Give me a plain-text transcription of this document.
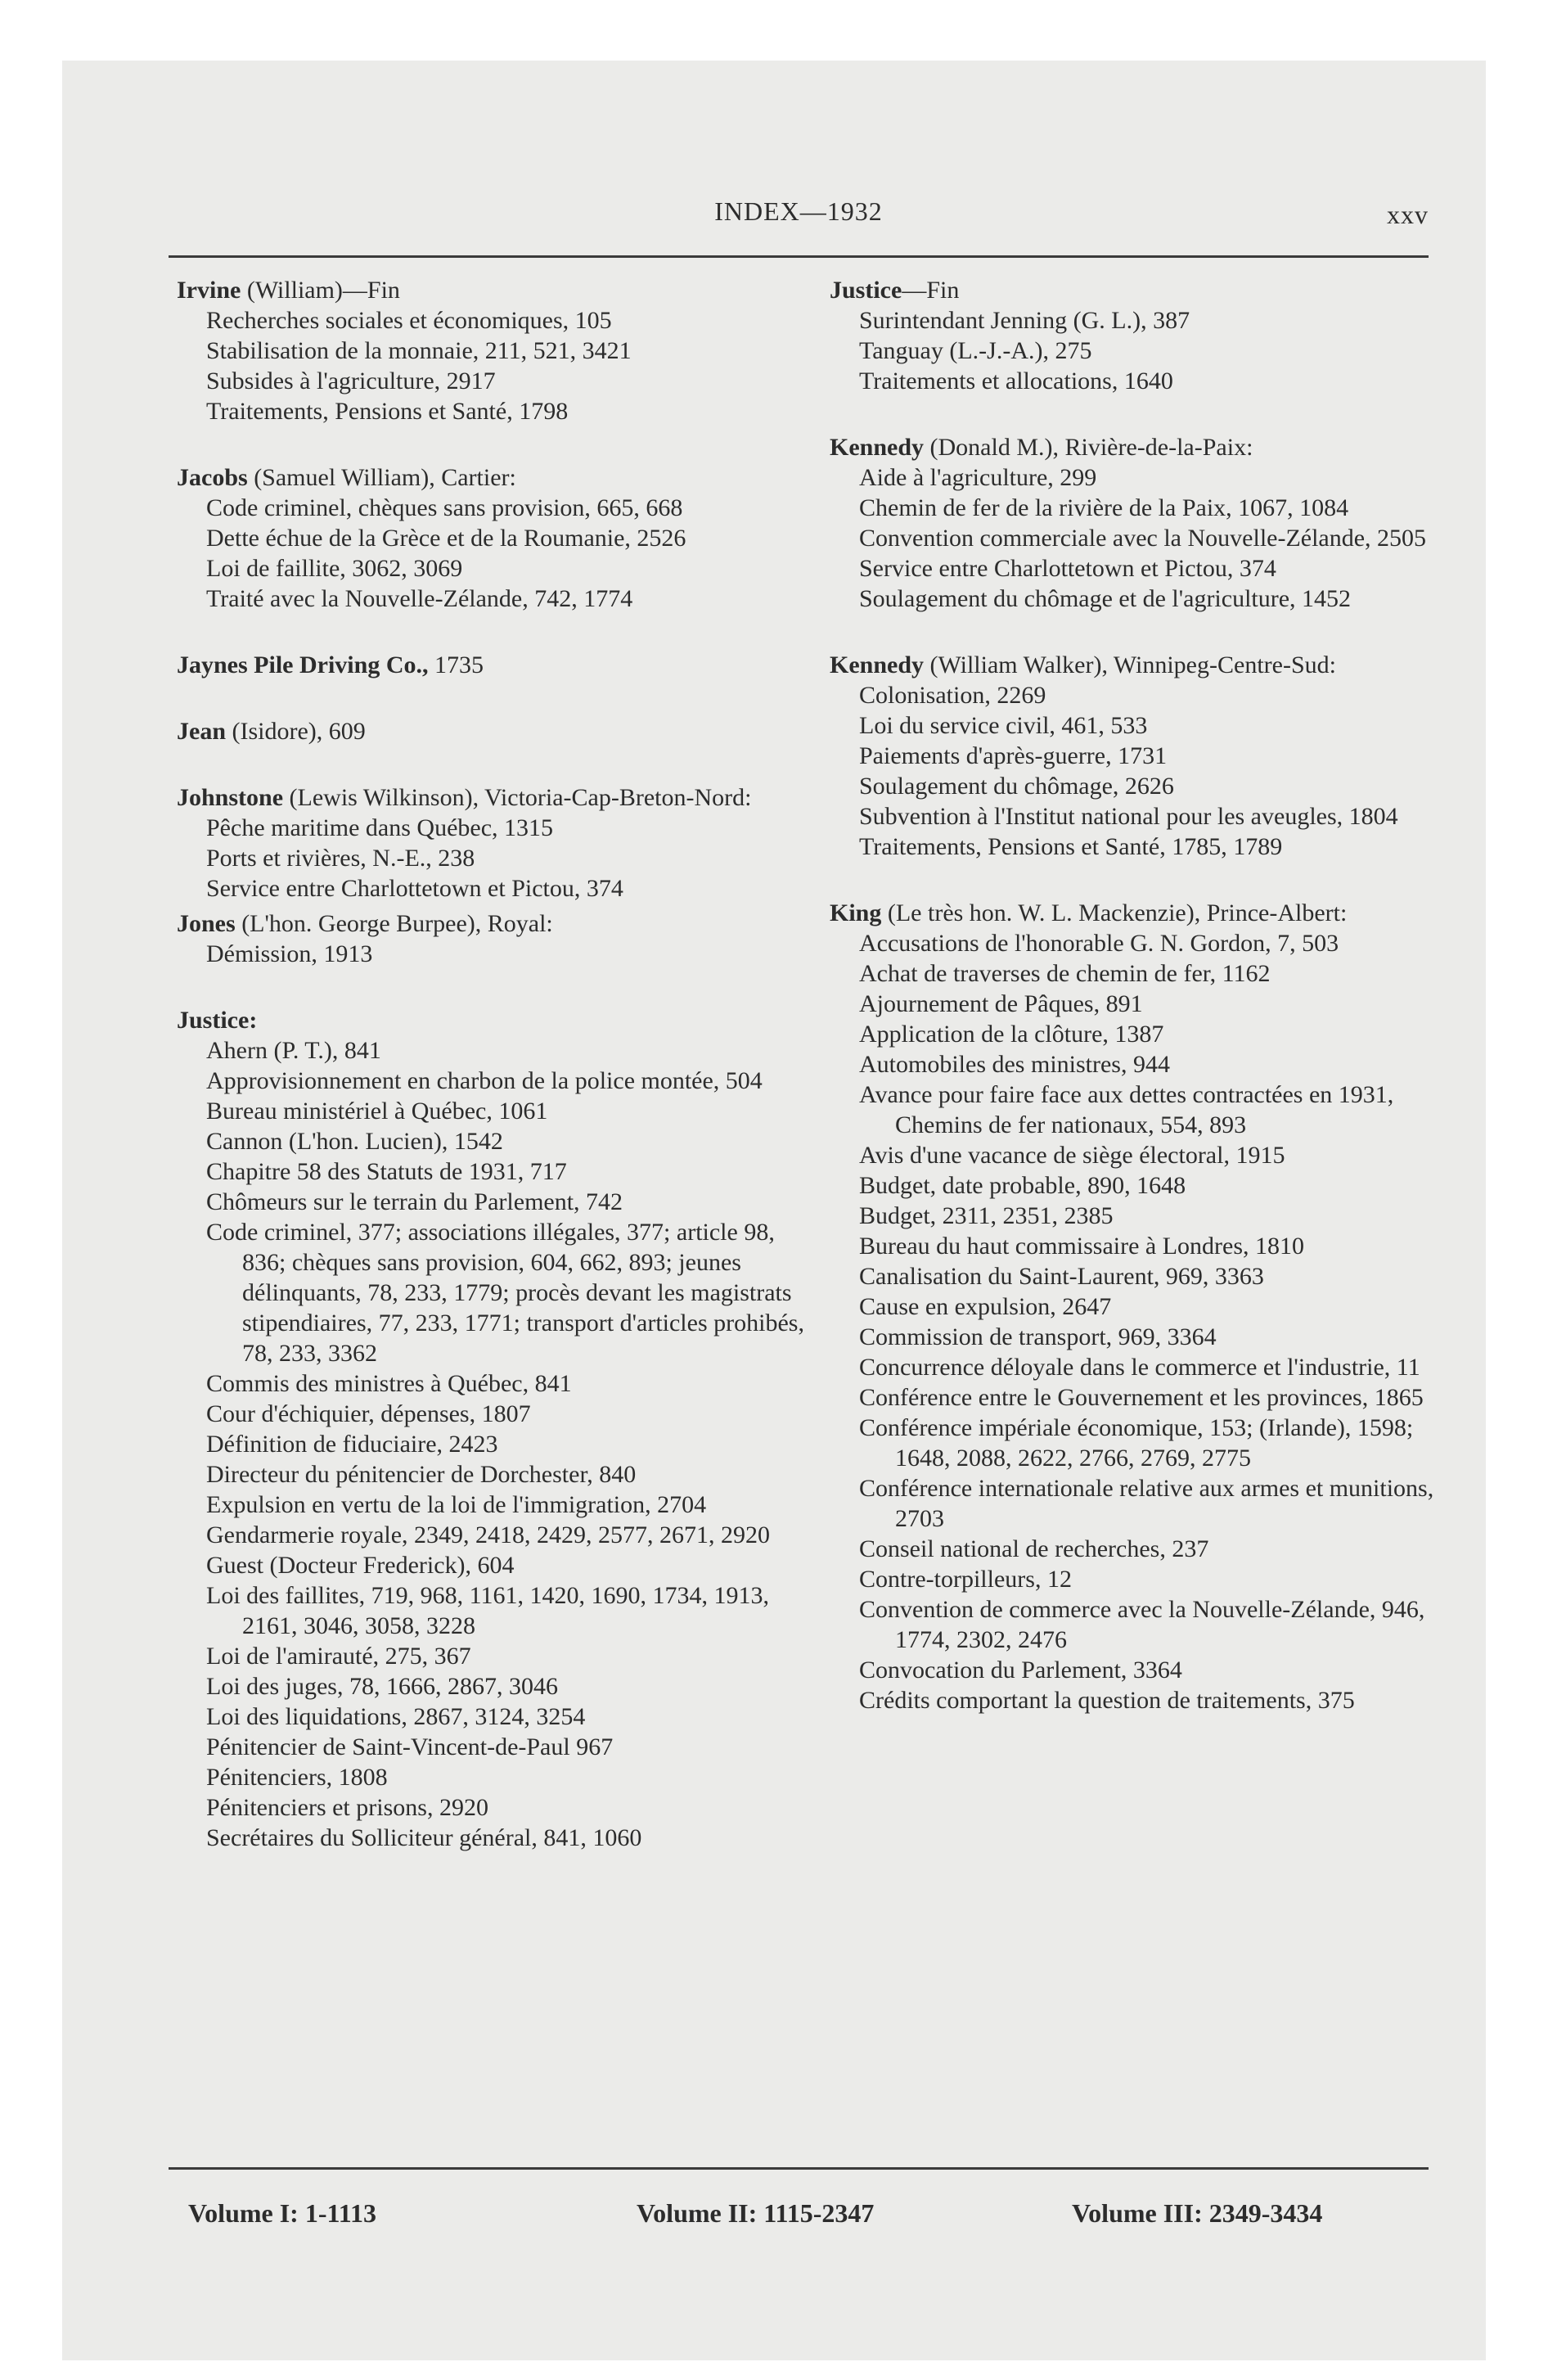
INDEX—1932	xxv
Irvine (William)—Fin
Recherches sociales et économiques, 105
Stabilisation de la monnaie, 211, 521, 3421
Subsides à l'agriculture, 2917
Traitements, Pensions et Santé, 1798
Jacobs (Samuel William), Cartier:
Code criminel, chèques sans provision, 665, 668
Dette échue de la Grèce et de la Roumanie, 2526
Loi de faillite, 3062, 3069
Traité avec la Nouvelle-Zélande, 742, 1774
Jaynes Pile Driving Co., 1735
Jean (Isidore), 609
Johnstone (Lewis Wilkinson), Victoria-Cap-Breton-Nord:
Pêche maritime dans Québec, 1315
Ports et rivières, N.-E., 238
Service entre Charlottetown et Pictou, 374
Jones (L'hon. George Burpee), Royal:
Démission, 1913
Justice:
Ahern (P. T.), 841
Approvisionnement en charbon de la police montée, 504
Bureau ministériel à Québec, 1061
Cannon (L'hon. Lucien), 1542
Chapitre 58 des Statuts de 1931, 717
Chômeurs sur le terrain du Parlement, 742
Code criminel, 377; associations illégales, 377; article 98, 836; chèques sans provision, 604, 662, 893; jeunes délinquants, 78, 233, 1779; procès devant les magistrats stipendiaires, 77, 233, 1771; transport d'articles prohibés, 78, 233, 3362
Commis des ministres à Québec, 841
Cour d'échiquier, dépenses, 1807
Définition de fiduciaire, 2423
Directeur du pénitencier de Dorchester, 840
Expulsion en vertu de la loi de l'immigration, 2704
Gendarmerie royale, 2349, 2418, 2429, 2577, 2671, 2920
Guest (Docteur Frederick), 604
Loi des faillites, 719, 968, 1161, 1420, 1690, 1734, 1913, 2161, 3046, 3058, 3228
Loi de l'amirauté, 275, 367
Loi des juges, 78, 1666, 2867, 3046
Loi des liquidations, 2867, 3124, 3254
Pénitencier de Saint-Vincent-de-Paul 967
Pénitenciers, 1808
Pénitenciers et prisons, 2920
Secrétaires du Solliciteur général, 841, 1060
Justice—Fin
Surintendant Jenning (G. L.), 387
Tanguay (L.-J.-A.), 275
Traitements et allocations, 1640
Kennedy (Donald M.), Rivière-de-la-Paix:
Aide à l'agriculture, 299
Chemin de fer de la rivière de la Paix, 1067, 1084
Convention commerciale avec la Nouvelle-Zélande, 2505
Service entre Charlottetown et Pictou, 374
Soulagement du chômage et de l'agriculture, 1452
Kennedy (William Walker), Winnipeg-Centre-Sud:
Colonisation, 2269
Loi du service civil, 461, 533
Paiements d'après-guerre, 1731
Soulagement du chômage, 2626
Subvention à l'Institut national pour les aveugles, 1804
Traitements, Pensions et Santé, 1785, 1789
King (Le très hon. W. L. Mackenzie), Prince-Albert:
Accusations de l'honorable G. N. Gordon, 7, 503
Achat de traverses de chemin de fer, 1162
Ajournement de Pâques, 891
Application de la clôture, 1387
Automobiles des ministres, 944
Avance pour faire face aux dettes contractées en 1931, Chemins de fer nationaux, 554, 893
Avis d'une vacance de siège électoral, 1915
Budget, date probable, 890, 1648
Budget, 2311, 2351, 2385
Bureau du haut commissaire à Londres, 1810
Canalisation du Saint-Laurent, 969, 3363
Cause en expulsion, 2647
Commission de transport, 969, 3364
Concurrence déloyale dans le commerce et l'industrie, 11
Conférence entre le Gouvernement et les provinces, 1865
Conférence impériale économique, 153; (Irlande), 1598; 1648, 2088, 2622, 2766, 2769, 2775
Conférence internationale relative aux armes et munitions, 2703
Conseil national de recherches, 237
Contre-torpilleurs, 12
Convention de commerce avec la Nouvelle-Zélande, 946, 1774, 2302, 2476
Convocation du Parlement, 3364
Crédits comportant la question de traitements, 375
Volume I: 1-1113	Volume II: 1115-2347	Volume III: 2349-3434
